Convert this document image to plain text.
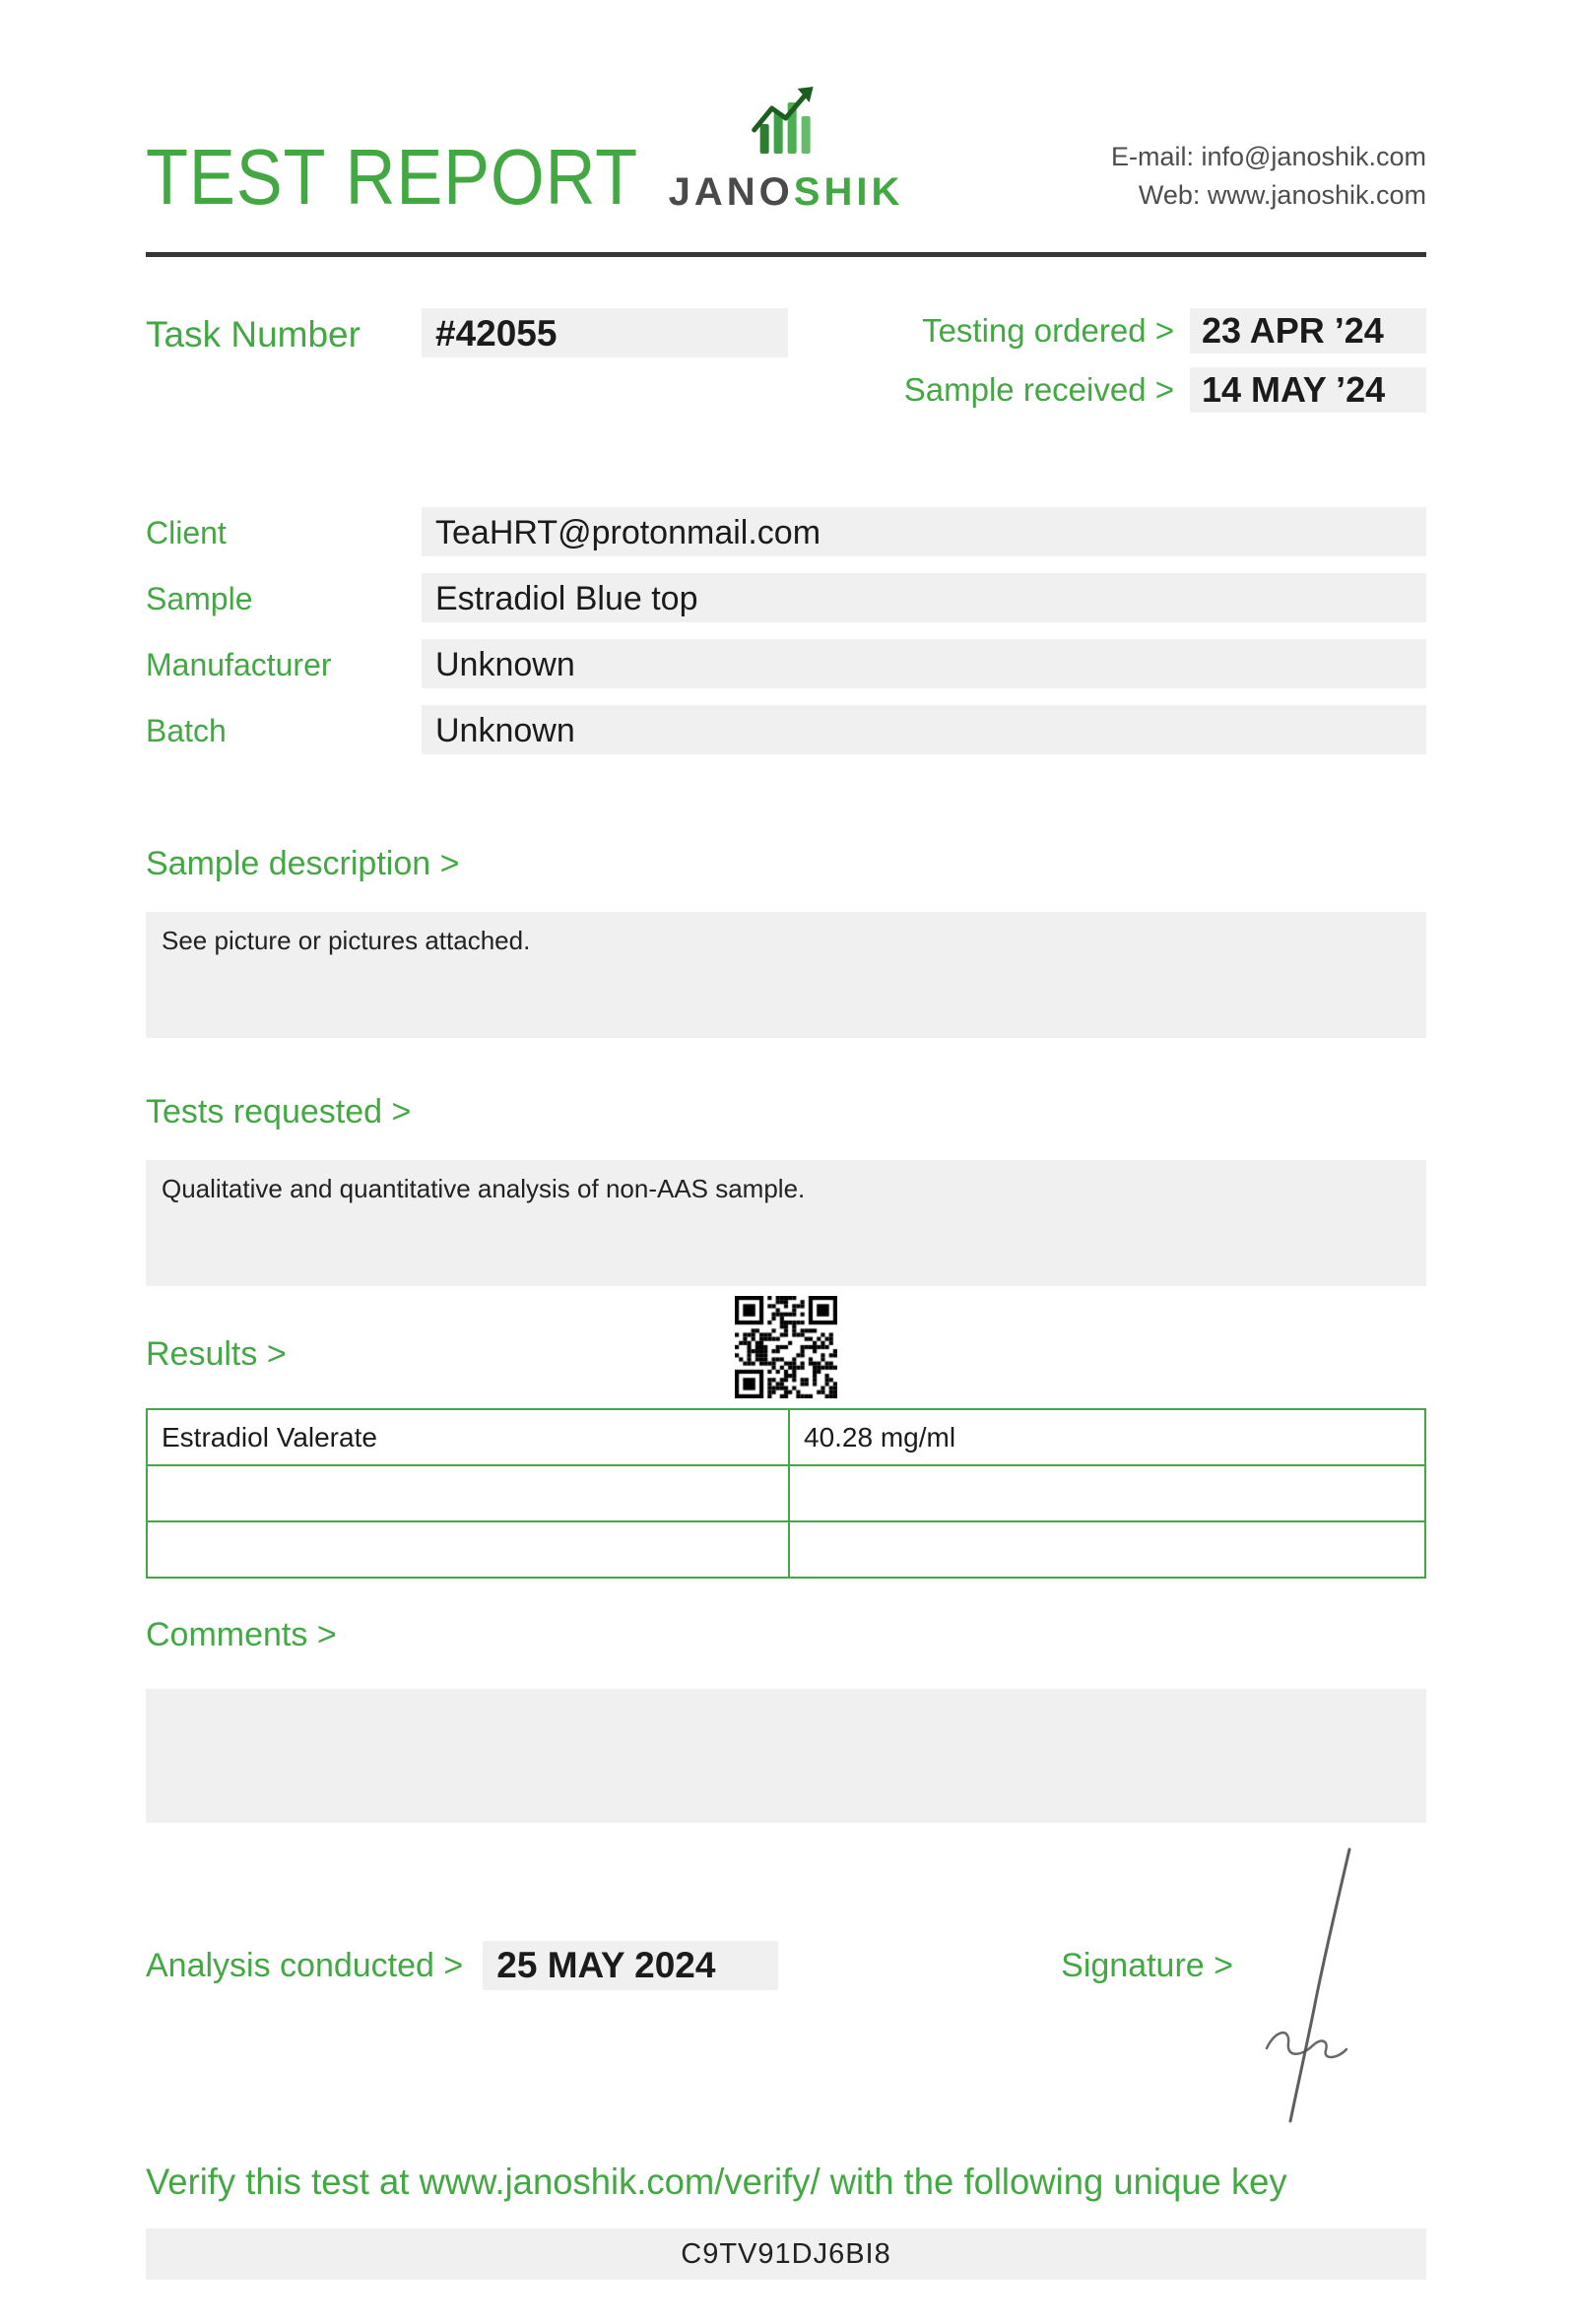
TEST REPORT JANOSHIK
E-mail: info@janoshik.com
Web: www.janoshik.com
Task Number	#42055	Testing ordered > 23 APR ’24
Sample received > 14 MAY ’24
Client	TeaHRT@protonmail.com
Sample	Estradiol Blue top
Manufacturer	Unknown
Batch	Unknown
Sample description >
See picture or pictures attached.
Tests requested >
Qualitative and quantitative analysis of non-AAS sample.
Results >
Estradiol Valerate	40.28 mg/ml

Comments >
Analysis conducted > 25 MAY 2024	Signature >
Verify this test at www.janoshik.com/verify/ with the following unique key
C9TV91DJ6BI8
